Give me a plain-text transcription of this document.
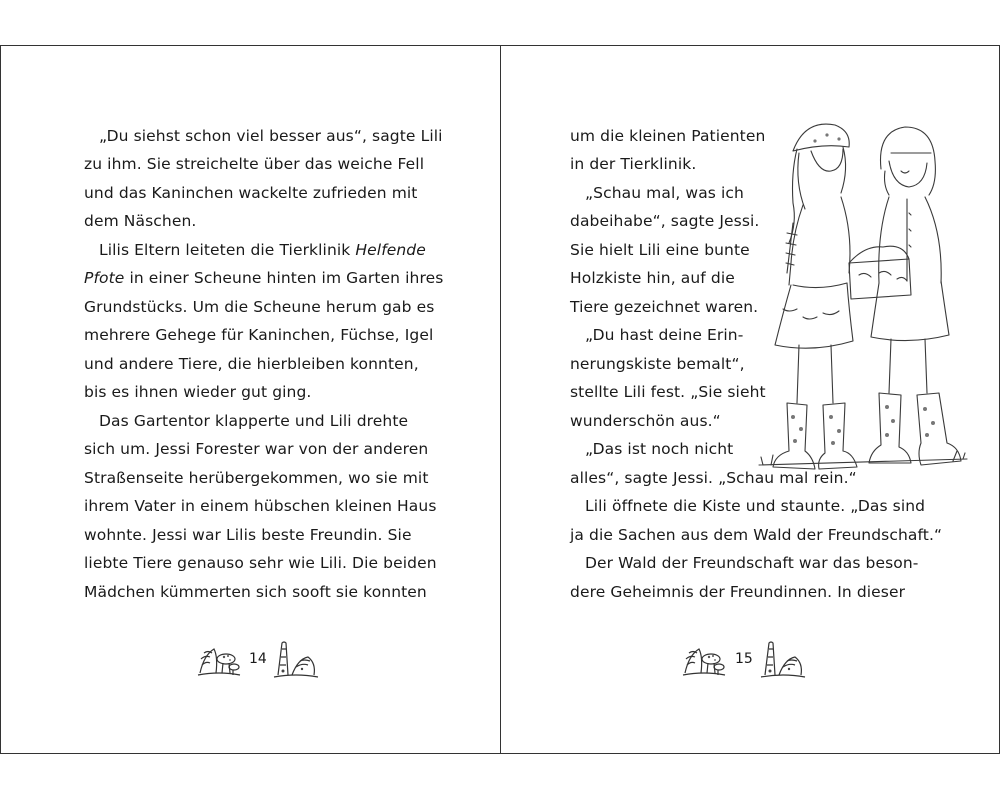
„Du siehst schon viel besser aus“, sagte Lili
zu ihm. Sie streichelte über das weiche Fell
und das Kaninchen wackelte zufrieden mit
dem Näschen.
Lilis Eltern leiteten die Tierklinik Helfende
Pfote in einer Scheune hinten im Garten ihres
Grundstücks. Um die Scheune herum gab es
mehrere Gehege für Kaninchen, Füchse, Igel
und andere Tiere, die hierbleiben konnten,
bis es ihnen wieder gut ging.
Das Gartentor klapperte und Lili drehte
sich um. Jessi Forester war von der anderen
Straßenseite herübergekommen, wo sie mit
ihrem Vater in einem hübschen kleinen Haus
wohnte. Jessi war Lilis beste Freundin. Sie
liebte Tiere genauso sehr wie Lili. Die beiden
Mädchen kümmerten sich sooft sie konnten
14
um die kleinen Patienten
in der Tierklinik.
„Schau mal, was ich
dabeihabe“, sagte Jessi.
Sie hielt Lili eine bunte
Holzkiste hin, auf die
Tiere gezeichnet waren.
„Du hast deine Erin-
nerungskiste bemalt“,
stellte Lili fest. „Sie sieht
wunderschön aus.“
„Das ist noch nicht
alles“, sagte Jessi. „Schau mal rein.“
Lili öffnete die Kiste und staunte. „Das sind
ja die Sachen aus dem Wald der Freundschaft.“
Der Wald der Freundschaft war das beson-
dere Geheimnis der Freundinnen. In dieser
15
